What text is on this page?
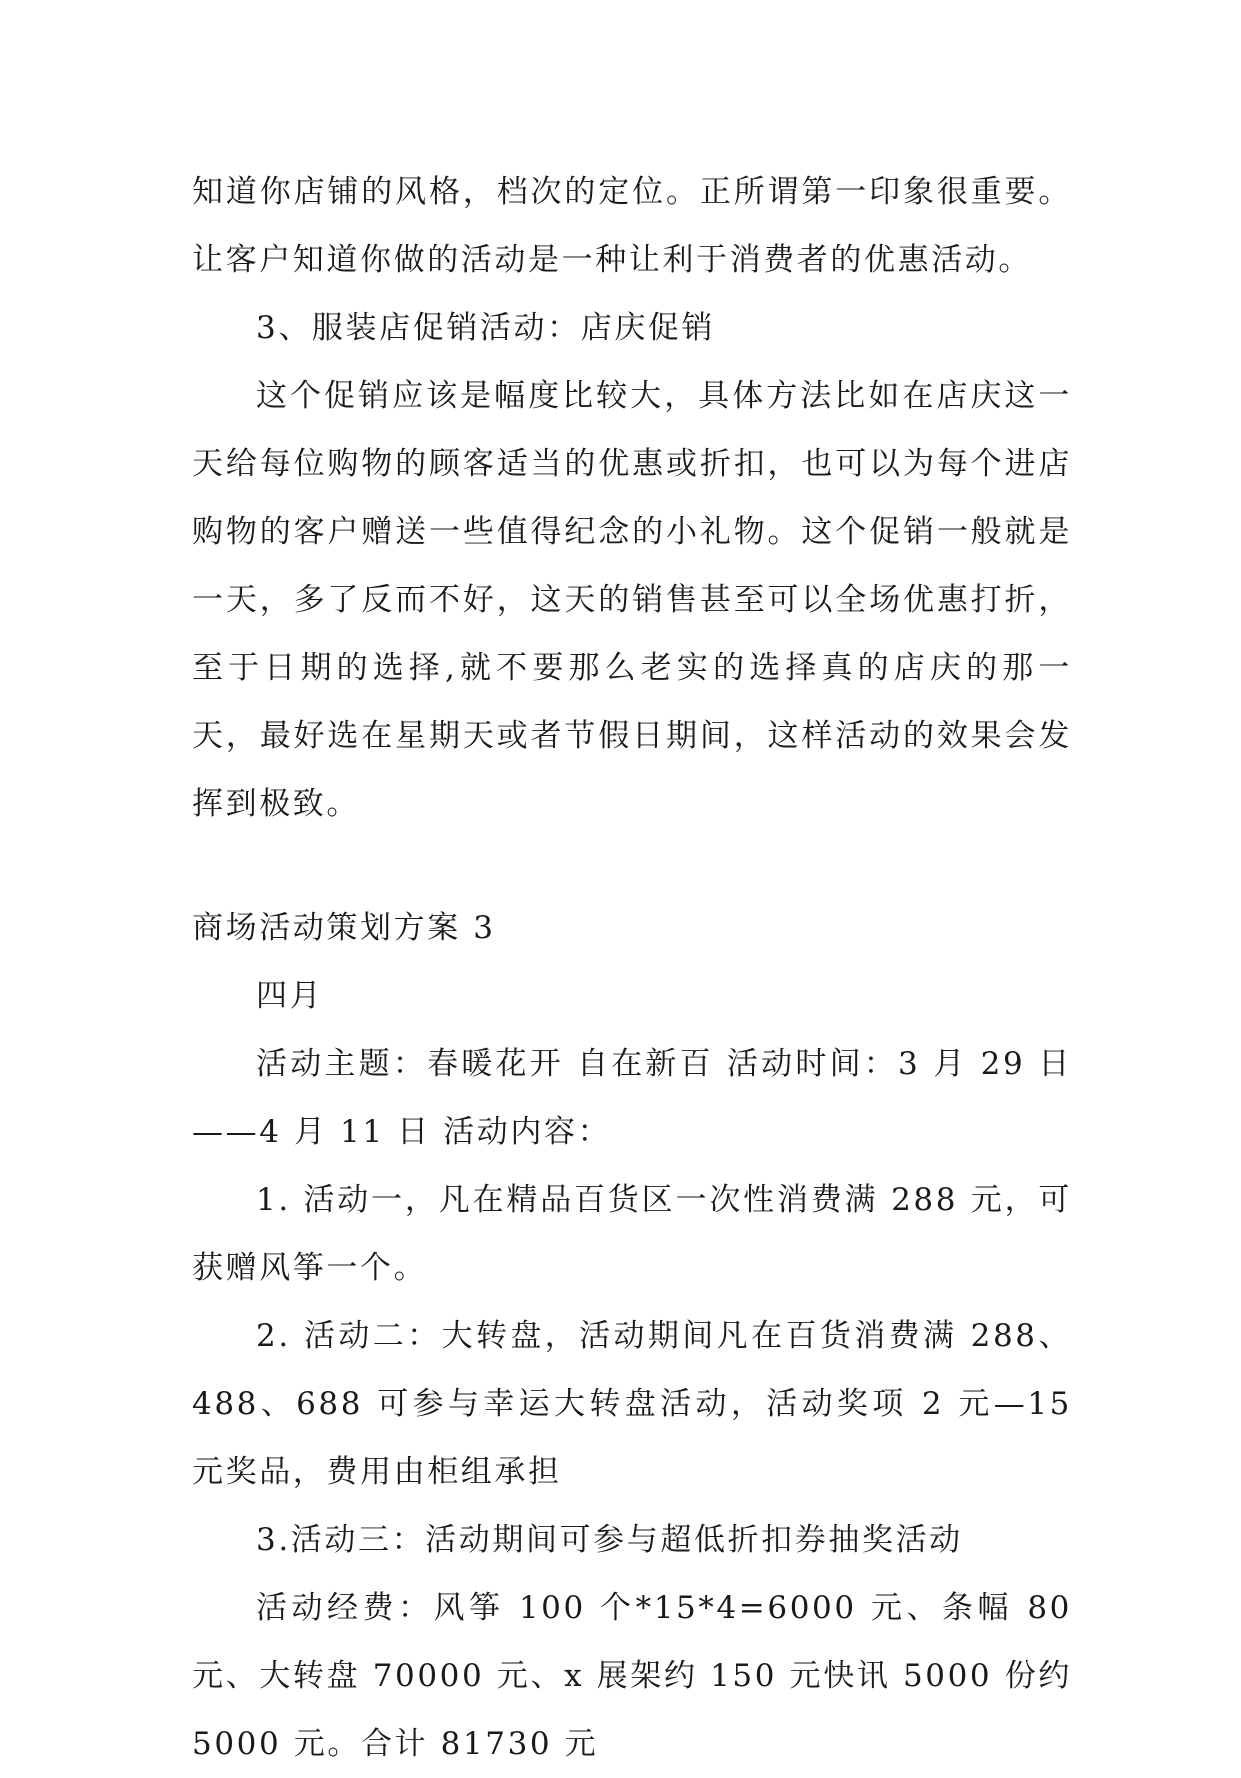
知道你店铺的风格，档次的定位。正所谓第一印象很重要。让客户知道你做的活动是一种让利于消费者的优惠活动。

3、服装店促销活动：店庆促销

这个促销应该是幅度比较大，具体方法比如在店庆这一天给每位购物的顾客适当的优惠或折扣，也可以为每个进店购物的客户赠送一些值得纪念的小礼物。这个促销一般就是一天，多了反而不好，这天的销售甚至可以全场优惠打折，至于日期的选择,就不要那么老实的选择真的店庆的那一天，最好选在星期天或者节假日期间，这样活动的效果会发挥到极致。

商场活动策划方案 3

四月

活动主题：春暖花开 自在新百 活动时间：3 月 29 日——4 月 11 日 活动内容：

1. 活动一，凡在精品百货区一次性消费满 288 元，可获赠风筝一个。

2. 活动二：大转盘，活动期间凡在百货消费满 288、488、688 可参与幸运大转盘活动，活动奖项 2 元—15 元奖品，费用由柜组承担

3.活动三：活动期间可参与超低折扣券抽奖活动

活动经费：风筝 100 个*15*4=6000 元、条幅 80 元、大转盘 70000 元、x 展架约 150 元快讯 5000 份约 5000 元。合计 81730 元
